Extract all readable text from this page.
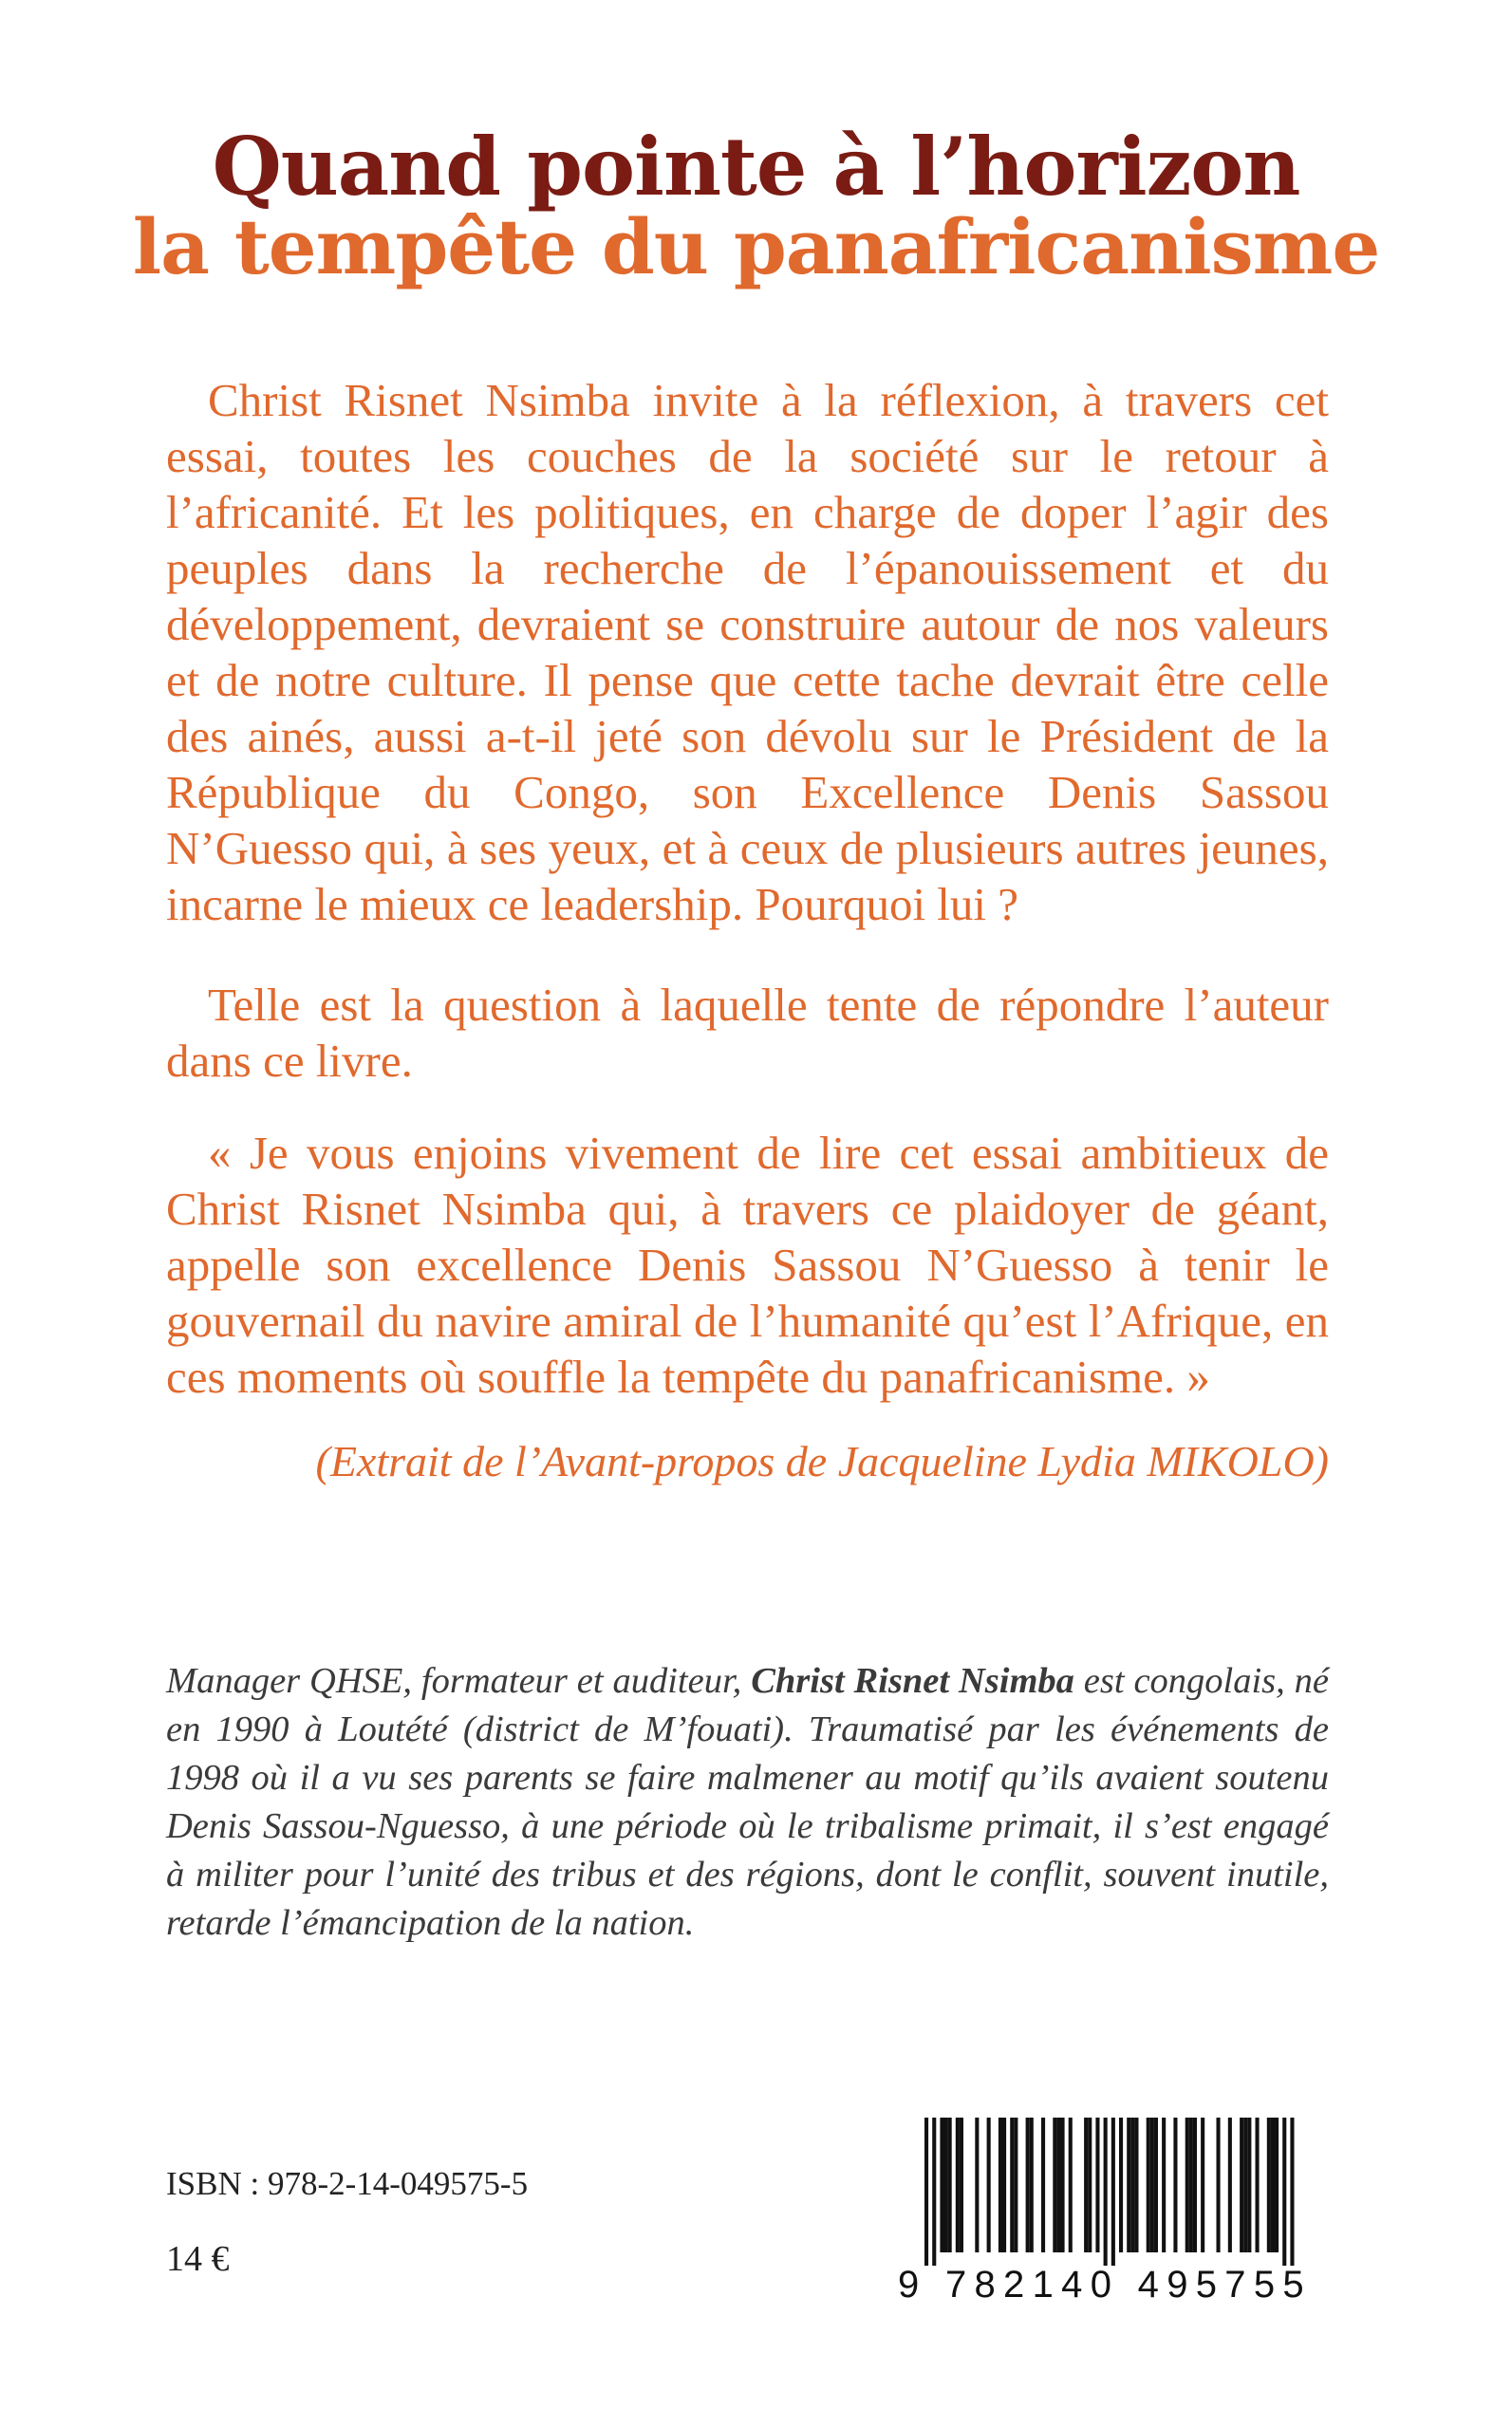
Quand pointe à l’horizon
la tempête du panafricanisme

Christ Risnet Nsimba invite à la réflexion, à travers cet essai, toutes les couches de la société sur le retour à l’africanité. Et les politiques, en charge de doper l’agir des peuples dans la recherche de l’épanouissement et du développement, devraient se construire autour de nos valeurs et de notre culture. Il pense que cette tache devrait être celle des ainés, aussi a-t-il jeté son dévolu sur le Président de la République du Congo, son Excellence Denis Sassou N’Guesso qui, à ses yeux, et à ceux de plusieurs autres jeunes, incarne le mieux ce leadership. Pourquoi lui ?

Telle est la question à laquelle tente de répondre l’auteur dans ce livre.

« Je vous enjoins vivement de lire cet essai ambitieux de Christ Risnet Nsimba qui, à travers ce plaidoyer de géant, appelle son excellence Denis Sassou N’Guesso à tenir le gouvernail du navire amiral de l’humanité qu’est l’Afrique, en ces moments où souffle la tempête du panafricanisme. »

(Extrait de l’Avant-propos de Jacqueline Lydia MIKOLO)
Manager QHSE, formateur et auditeur, Christ Risnet Nsimba est congolais, né en 1990 à Loutété (district de M’fouati). Traumatisé par les événements de 1998 où il a vu ses parents se faire malmener au motif qu’ils avaient soutenu Denis Sassou-Nguesso, à une période où le tribalisme primait, il s’est engagé à militer pour l’unité des tribus et des régions, dont le conflit, souvent inutile, retarde l’émancipation de la nation.
ISBN : 978-2-14-049575-5
14 €
9 782140 495755
